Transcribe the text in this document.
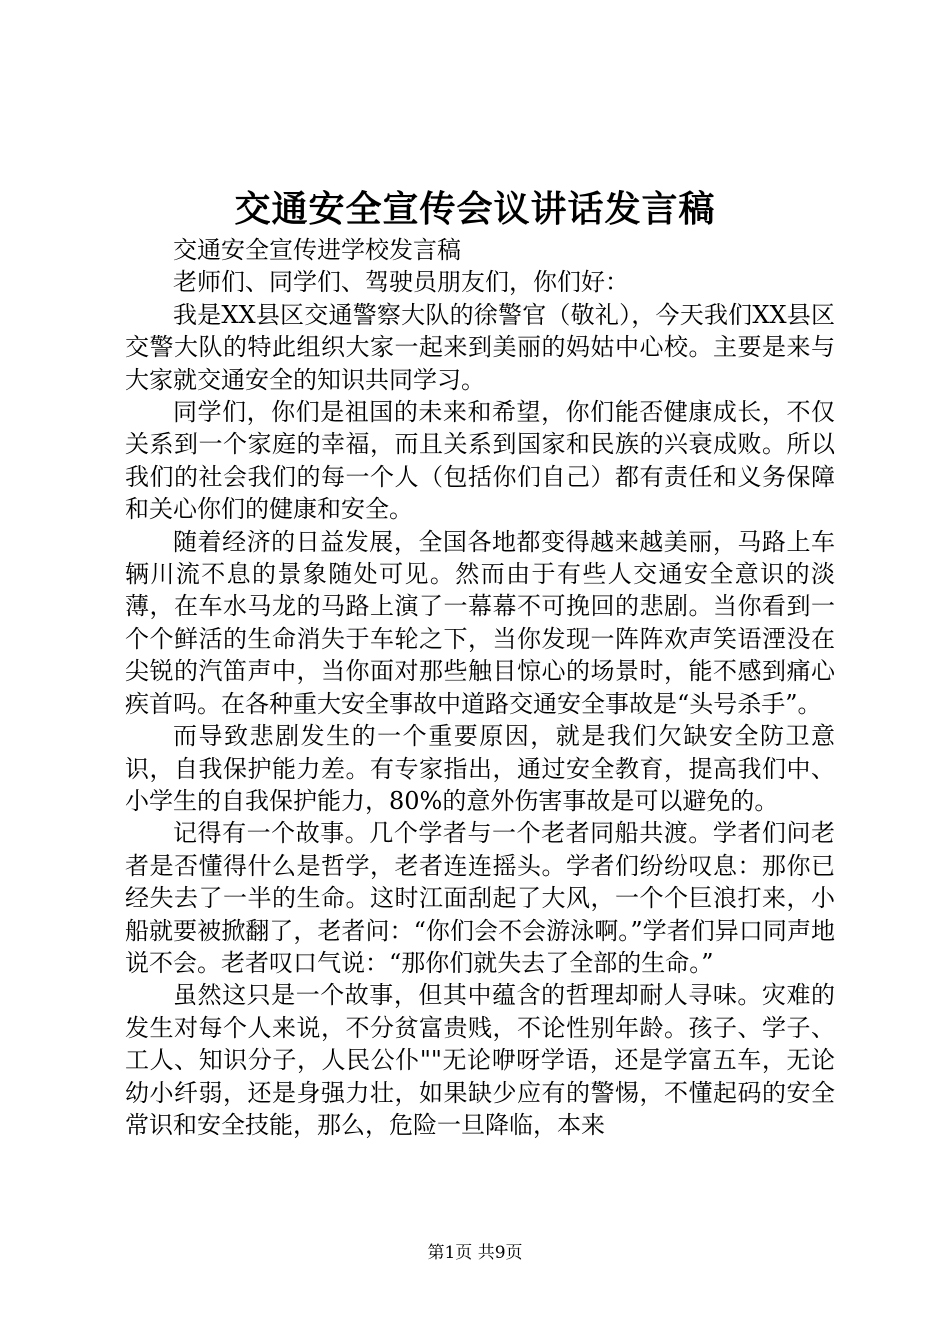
交通安全宣传会议讲话发言稿

交通安全宣传进学校发言稿

老师们、同学们、驾驶员朋友们，你们好：

我是XX县区交通警察大队的徐警官（敬礼），今天我们XX县区交警大队的特此组织大家一起来到美丽的妈姑中心校。主要是来与大家就交通安全的知识共同学习。

同学们，你们是祖国的未来和希望，你们能否健康成长，不仅关系到一个家庭的幸福，而且关系到国家和民族的兴衰成败。所以我们的社会我们的每一个人（包括你们自己）都有责任和义务保障和关心你们的健康和安全。

随着经济的日益发展，全国各地都变得越来越美丽，马路上车辆川流不息的景象随处可见。然而由于有些人交通安全意识的淡薄，在车水马龙的马路上演了一幕幕不可挽回的悲剧。当你看到一个个鲜活的生命消失于车轮之下，当你发现一阵阵欢声笑语湮没在尖锐的汽笛声中，当你面对那些触目惊心的场景时，能不感到痛心疾首吗。在各种重大安全事故中道路交通安全事故是“头号杀手”。

而导致悲剧发生的一个重要原因，就是我们欠缺安全防卫意识，自我保护能力差。有专家指出，通过安全教育，提高我们中、小学生的自我保护能力，80%的意外伤害事故是可以避免的。

记得有一个故事。几个学者与一个老者同船共渡。学者们问老者是否懂得什么是哲学，老者连连摇头。学者们纷纷叹息：那你已经失去了一半的生命。这时江面刮起了大风，一个个巨浪打来，小船就要被掀翻了，老者问：“你们会不会游泳啊。”学者们异口同声地说不会。老者叹口气说：“那你们就失去了全部的生命。”

虽然这只是一个故事，但其中蕴含的哲理却耐人寻味。灾难的发生对每个人来说，不分贫富贵贱，不论性别年龄。孩子、学子、工人、知识分子，人民公仆""无论咿呀学语，还是学富五车，无论幼小纤弱，还是身强力壮，如果缺少应有的警惕，不懂起码的安全常识和安全技能，那么，危险一旦降临，本来

第1页 共9页
